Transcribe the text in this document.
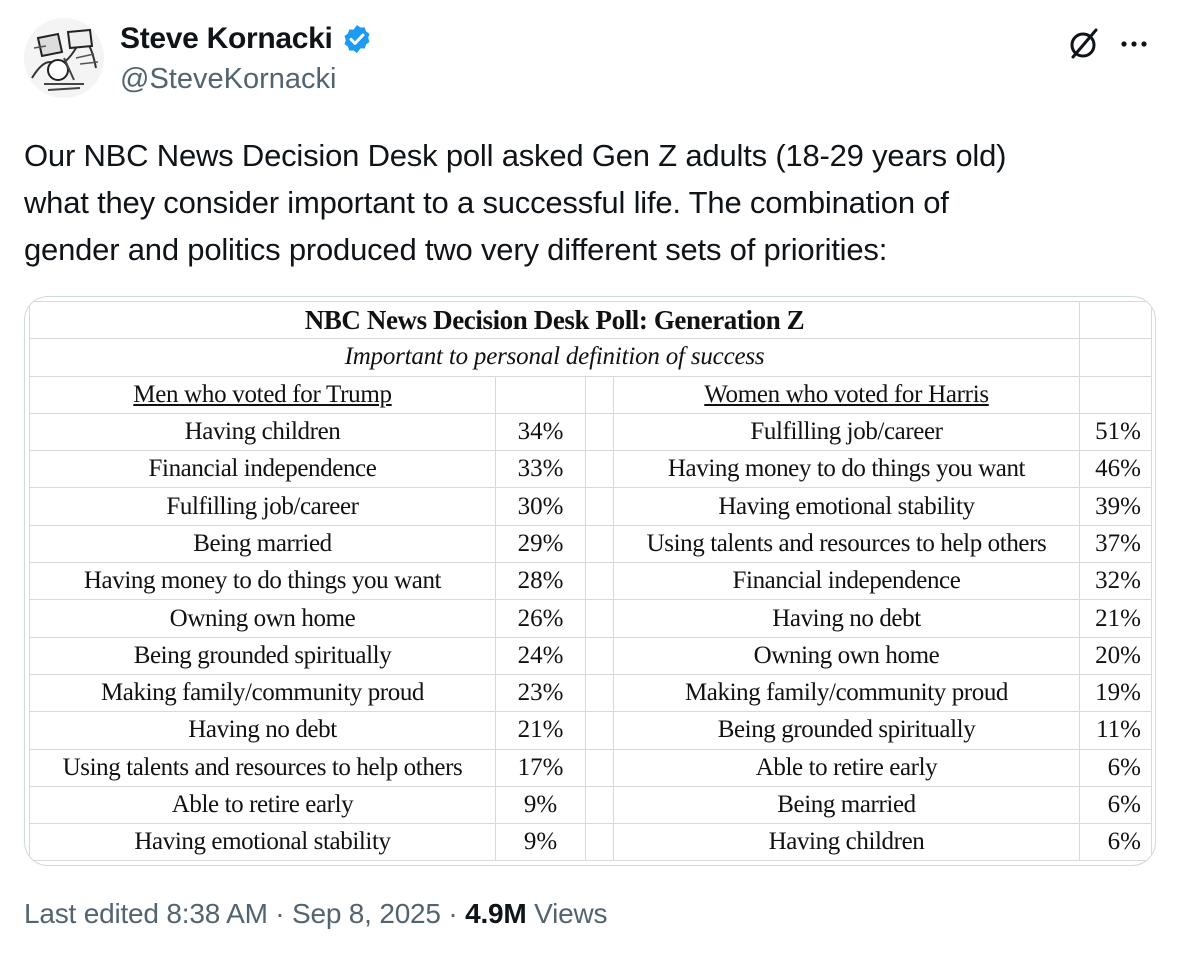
Steve Kornacki
@SteveKornacki
Our NBC News Decision Desk poll asked Gen Z adults (18-29 years old)
what they consider important to a successful life. The combination of
gender and politics produced two very different sets of priorities:
NBC News Decision Desk Poll: Generation Z				
Important to personal definition of success				
Men who voted for Trump			Women who voted for Harris	
Having children	34%		Fulfilling job/career	51%
Financial independence	33%		Having money to do things you want	46%
Fulfilling job/career	30%		Having emotional stability	39%
Being married	29%		Using talents and resources to help others	37%
Having money to do things you want	28%		Financial independence	32%
Owning own home	26%		Having no debt	21%
Being grounded spiritually	24%		Owning own home	20%
Making family/community proud	23%		Making family/community proud	19%
Having no debt	21%		Being grounded spiritually	11%
Using talents and resources to help others	17%		Able to retire early	6%
Able to retire early	9%		Being married	6%
Having emotional stability	9%		Having children	6%
Last edited 8:38 AM · Sep 8, 2025 · 4.9M Views
